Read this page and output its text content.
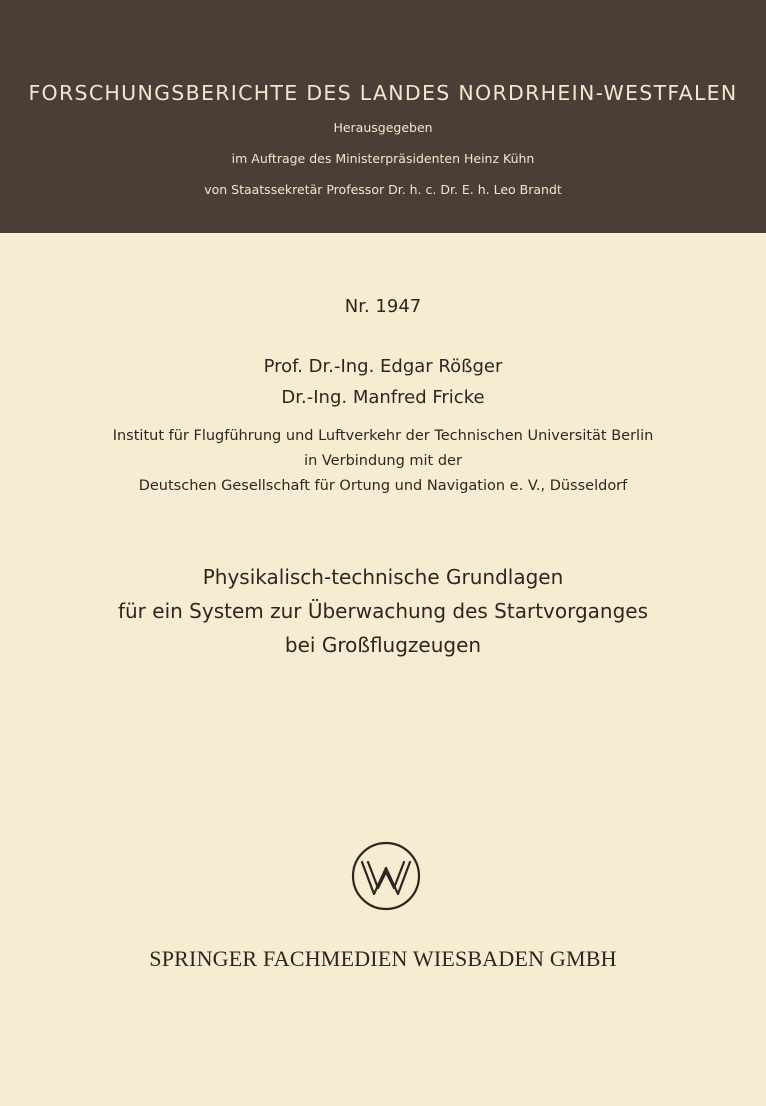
FORSCHUNGSBERICHTE DES LANDES NORDRHEIN-WESTFALEN
Herausgegeben
im Auftrage des Ministerpräsidenten Heinz Kühn
von Staatssekretär Professor Dr. h. c. Dr. E. h. Leo Brandt
Nr. 1947
Prof. Dr.-Ing. Edgar Rößger
Dr.-Ing. Manfred Fricke
Institut für Flugführung und Luftverkehr der Technischen Universität Berlin
in Verbindung mit der
Deutschen Gesellschaft für Ortung und Navigation e. V., Düsseldorf
Physikalisch-technische Grundlagen
für ein System zur Überwachung des Startvorganges
bei Großflugzeugen
SPRINGER FACHMEDIEN WIESBADEN GMBH
